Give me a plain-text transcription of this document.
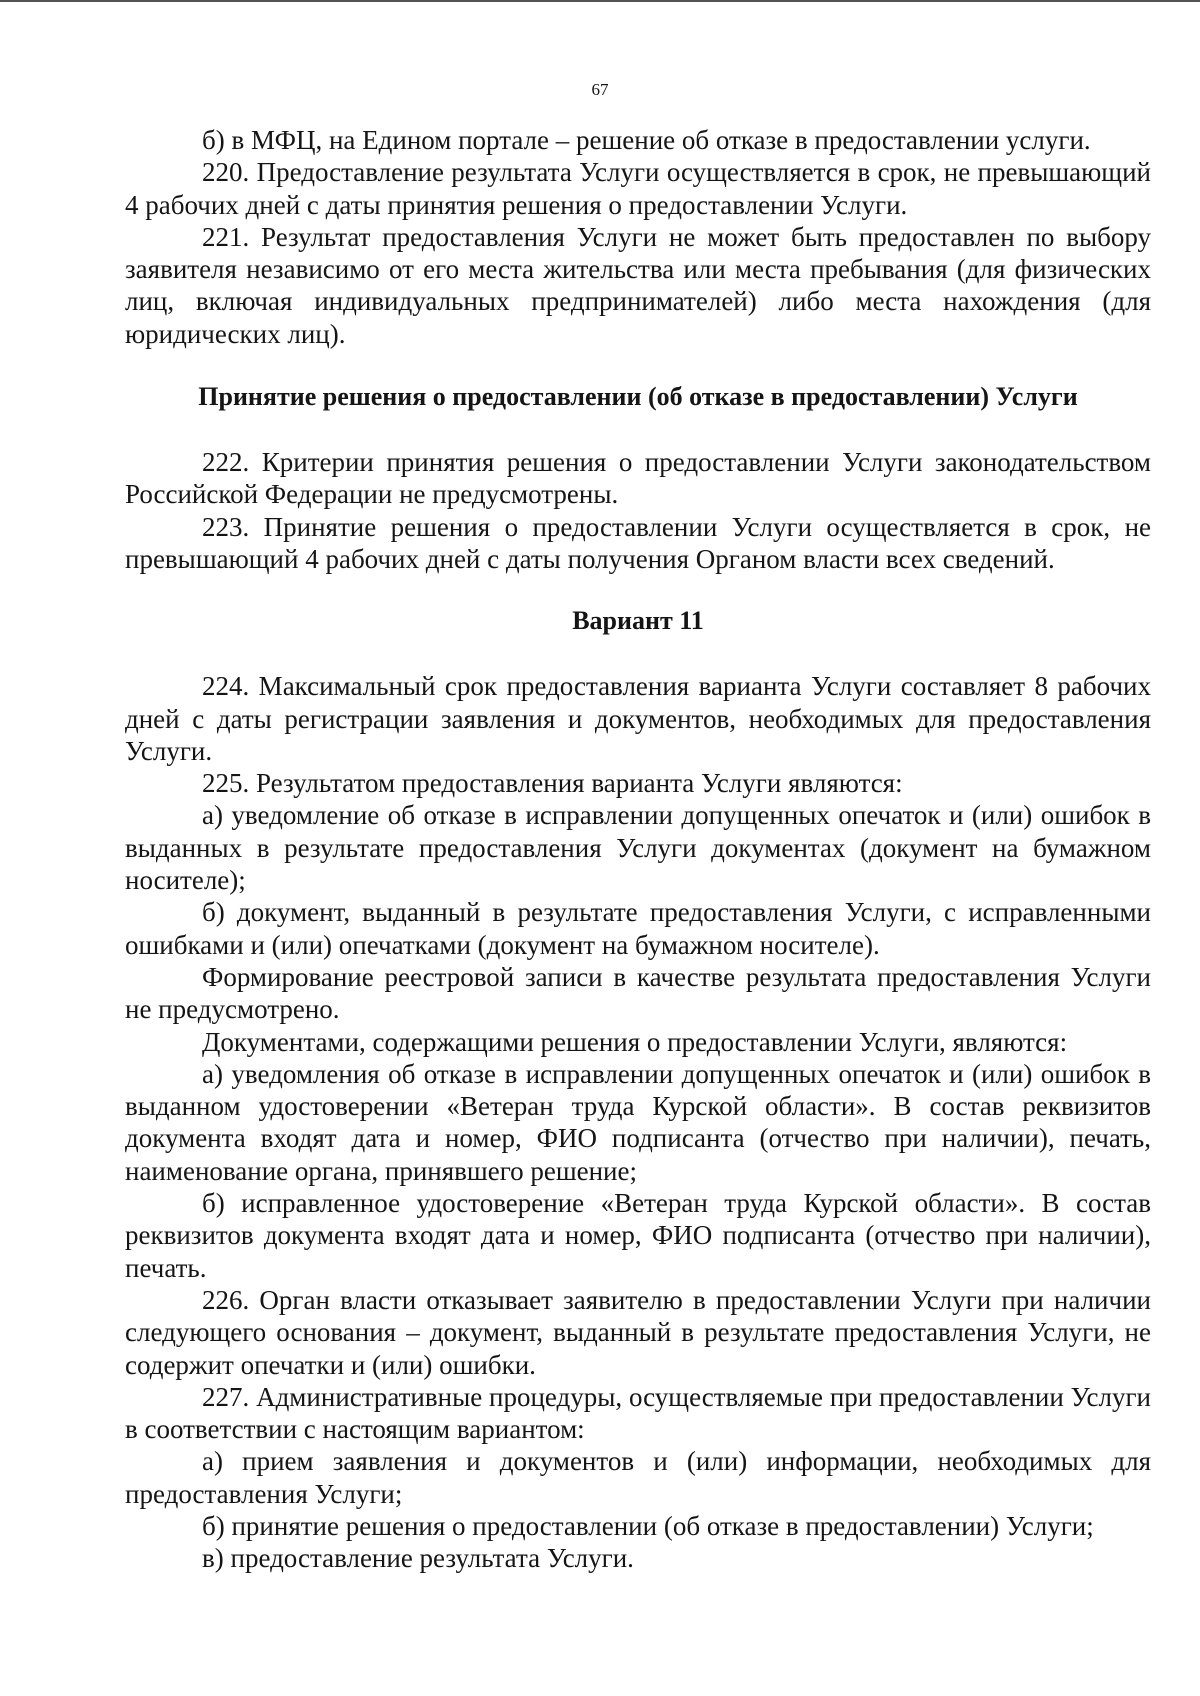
67

б) в МФЦ, на Едином портале – решение об отказе в предоставлении услуги.

220. Предоставление результата Услуги осуществляется в срок, не превышающий 4 рабочих дней с даты принятия решения о предоставлении Услуги.

221. Результат предоставления Услуги не может быть предоставлен по выбору заявителя независимо от его места жительства или места пребывания (для физических лиц, включая индивидуальных предпринимателей) либо места нахождения (для юридических лиц).

Принятие решения о предоставлении (об отказе в предоставлении) Услуги

222. Критерии принятия решения о предоставлении Услуги законодательством Российской Федерации не предусмотрены.

223. Принятие решения о предоставлении Услуги осуществляется в срок, не превышающий 4 рабочих дней с даты получения Органом власти всех сведений.

Вариант 11

224. Максимальный срок предоставления варианта Услуги составляет 8 рабочих дней с даты регистрации заявления и документов, необходимых для предоставления Услуги.

225. Результатом предоставления варианта Услуги являются:

а) уведомление об отказе в исправлении допущенных опечаток и (или) ошибок в выданных в результате предоставления Услуги документах (документ на бумажном носителе);

б) документ, выданный в результате предоставления Услуги, с исправленными ошибками и (или) опечатками (документ на бумажном носителе).

Формирование реестровой записи в качестве результата предоставления Услуги не предусмотрено.

Документами, содержащими решения о предоставлении Услуги, являются:

а) уведомления об отказе в исправлении допущенных опечаток и (или) ошибок в выданном удостоверении «Ветеран труда Курской области». В состав реквизитов документа входят дата и номер, ФИО подписанта (отчество при наличии), печать, наименование органа, принявшего решение;

б) исправленное удостоверение «Ветеран труда Курской области». В состав реквизитов документа входят дата и номер, ФИО подписанта (отчество при наличии), печать.

226. Орган власти отказывает заявителю в предоставлении Услуги при наличии следующего основания – документ, выданный в результате предоставления Услуги, не содержит опечатки и (или) ошибки.

227. Административные процедуры, осуществляемые при предоставлении Услуги в соответствии с настоящим вариантом:

а) прием заявления и документов и (или) информации, необходимых для предоставления Услуги;

б) принятие решения о предоставлении (об отказе в предоставлении) Услуги;

в) предоставление результата Услуги.
